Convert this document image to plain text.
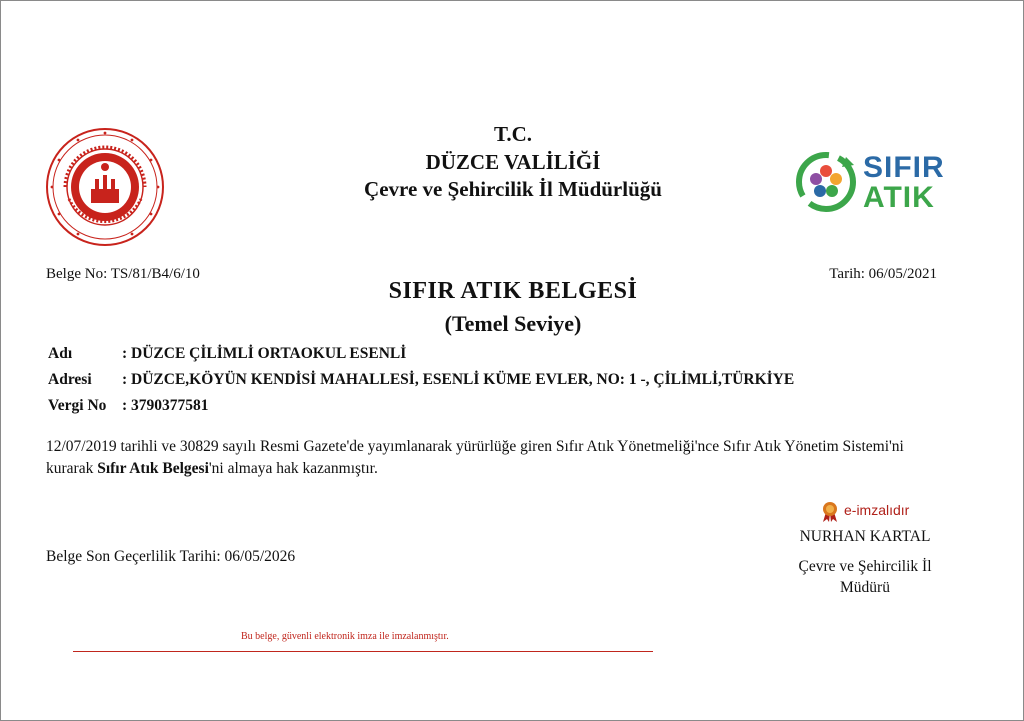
T.C.
DÜZCE VALİLİĞİ
Çevre ve Şehircilik İl Müdürlüğü
SIFIR
ATIK
Belge No: TS/81/B4/6/10	Tarih: 06/05/2021
SIFIR ATIK BELGESİ
(Temel Seviye)
Adı	: DÜZCE ÇİLİMLİ ORTAOKUL ESENLİ
Adresi : DÜZCE,KÖYÜN KENDİSİ MAHALLESİ, ESENLİ KÜME EVLER, NO: 1 -, ÇİLİMLİ,TÜRKİYE
Vergi No : 3790377581
12/07/2019 tarihli ve 30829 sayılı Resmi Gazete'de yayımlanarak yürürlüğe giren Sıfır Atık Yönetmeliği'nce Sıfır Atık Yönetim Sistemi'ni kurarak Sıfır Atık Belgesi'ni almaya hak kazanmıştır.
Belge Son Geçerlilik Tarihi: 06/05/2026
e-imzalıdır
NURHAN KARTAL
Çevre ve Şehircilik İl
Müdürü
Bu belge, güvenli elektronik imza ile imzalanmıştır.
